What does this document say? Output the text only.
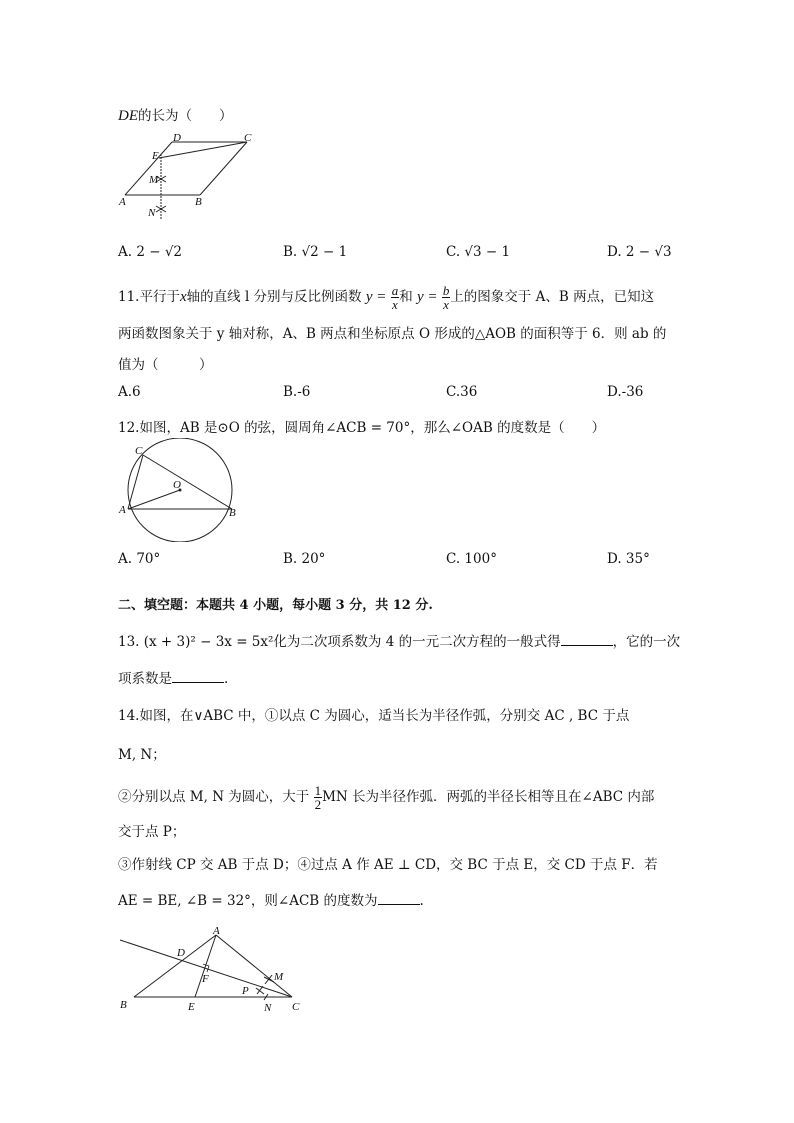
DE的长为（　　）
D	C
E
M
A	B
N
A. 2 − √2	B. √2 − 1	C. √3 − 1	D. 2 − √3
11.平行于x轴的直线 l 分别与反比例函数 $y = \frac{a}{x}$ 和 $y = \frac{b}{x}$ 上的图象交于 A、B 两点，已知这
两函数图象关于 y 轴对称，A、B 两点和坐标原点 O 形成的△AOB 的面积等于 6．则 ab 的
值为（　　　）
A.6	B.-6	C.36	D.-36
12.如图，AB 是⊙O 的弦，圆周角∠ACB = 70°，那么∠OAB 的度数是（　　）
C
O
A	B
A. 70°	B. 20°	C. 100°	D. 35°
二、填空题：本题共 4 小题，每小题 3 分，共 12 分.
13. (x + 3)² − 3x = 5x²化为二次项系数为 4 的一元二次方程的一般式得	，它的一次
项系数是	.
14.如图，在∨ABC 中，①以点 C 为圆心，适当长为半径作弧，分别交 AC , BC 于点
M, N；
②分别以点 M, N 为圆心，大于 $\frac{1}{2}$ MN 长为半径作弧．两弧的半径长相等且在∠ABC 内部
交于点 P；
③作射线 CP 交 AB 于点 D；④过点 A 作 AE ⊥ CD，交 BC 于点 E，交 CD 于点 F．若
AE = BE, ∠B = 32°，则∠ACB 的度数为	.
A
D
M
F
P
B	E	N C
